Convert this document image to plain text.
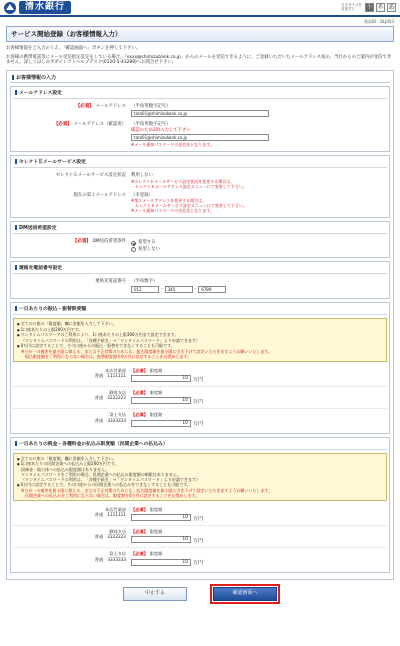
清水銀行	文字サイズを変更する	小	あ あ
画面ID：BLJ003
サービス開始登録（お客様情報入力）

お客様情報をご入力のうえ、「確認画面へ」ボタンを押して下さい。

お客様の携帯電話等にメール受信指定設定をしている場合、「xxxx@shimizubank.co.jp」からのメールを受信できるように、ご登録いただいたメールアドレス宛の、当行からのご案内が受信できません。詳しくはしみずダイレクトヘルプデスク(0120-5-43289)へお問合せ下さい。

お客様情報の入力
メールアドレス設定
【必須】 メールアドレス	（半角英数字記号）
taro01@shimizubank.co.jp
【必須】 メールアドレス（確認用）	（半角英数字記号）
確認のため2回入力して下さい
taro01@shimizubank.co.jp
※メール通知パスワードの送信先となります。
セレクトＥメールサービス設定
セレクトＥメールサービス設定状況	利用しない
※セレクトＥメールサービス設定状況を変更する場合は、
　セレクトＥメールアドレス設定メニューにて変更して下さい。
現在の第２メールアドレス	（未登録）
※第２メールアドレスを変更する場合は、
　セレクトＥメールサービス設定メニューにて変更して下さい。
※メール通知パスワードの送信先となります。
DM送信希望設定
【必須】 DM送信希望条件	希望する
希望しない
連絡先電話番号設定
連絡先電話番号	（半角数字）
012	-	345	-	6789
一日あたりの振込・振替限度額
● 全てのロ座の「限度額」欄に金額を入力して下さい。
● 1口座あたりの上限200万円です。
● ワンタイムパスワードのご利用により、1口座あたりの上限300万円まで設定できます。
（ワンタイムパスワードの利用は、「各種手続き」→「ワンタイムパスワード」より申請できます）
● 0万円に設定することで、その口座からの振込・振替をできなくすることも可能です。
※万が一の被害を最小限に抑える、または不正対策のためにも、振込限度額を最小限に引き下げて設定いただきますようお願いいたします。
　振込限度額をご利用にならない場合は、振替限度額を0万円に設定することをお奨めします。
本店営業部
普通　 1111111
【必須】 限度額
10	万円
静岡支店
普通　 2222222
【必須】 限度額
10	万円
富士支店
普通　 3333333
【必須】 限度額
10	万円
一日あたりの税金・各種料金の払込み限度額（民間企業への払込み）
● 全てのロ座の「限度額」欄に金額を入力して下さい。
● 1口座あたりの民間企業への払込み上限200万円です。
国庫金・地公体への払込み限度額はありません。
ワンタイムパスワードをご利用の場合、民間企業への払込み限度額の制限はありません。
（ワンタイムパスワードの利用は、「各種手続き」→「ワンタイムパスワード」より申請できます）
● 0万円に設定することで、その口座からの民間企業への払込みをできなくすることも可能です。
※万が一の被害を最小限に抑える、または不正対策のためにも、払込限度額を最小限に引き下げて設定いただきますようお願いいたします。
　民間企業への払込みをご利用にならない場合は、限度額を0万円に設定することをお奨めします。
本店営業部
普通　 1111111
【必須】 限度額
10	万円
静岡支店
普通　 2222222
【必須】 限度額
10	万円
富士支店
普通　 3333333
【必須】 限度額
10	万円
中止する	確認画面へ
